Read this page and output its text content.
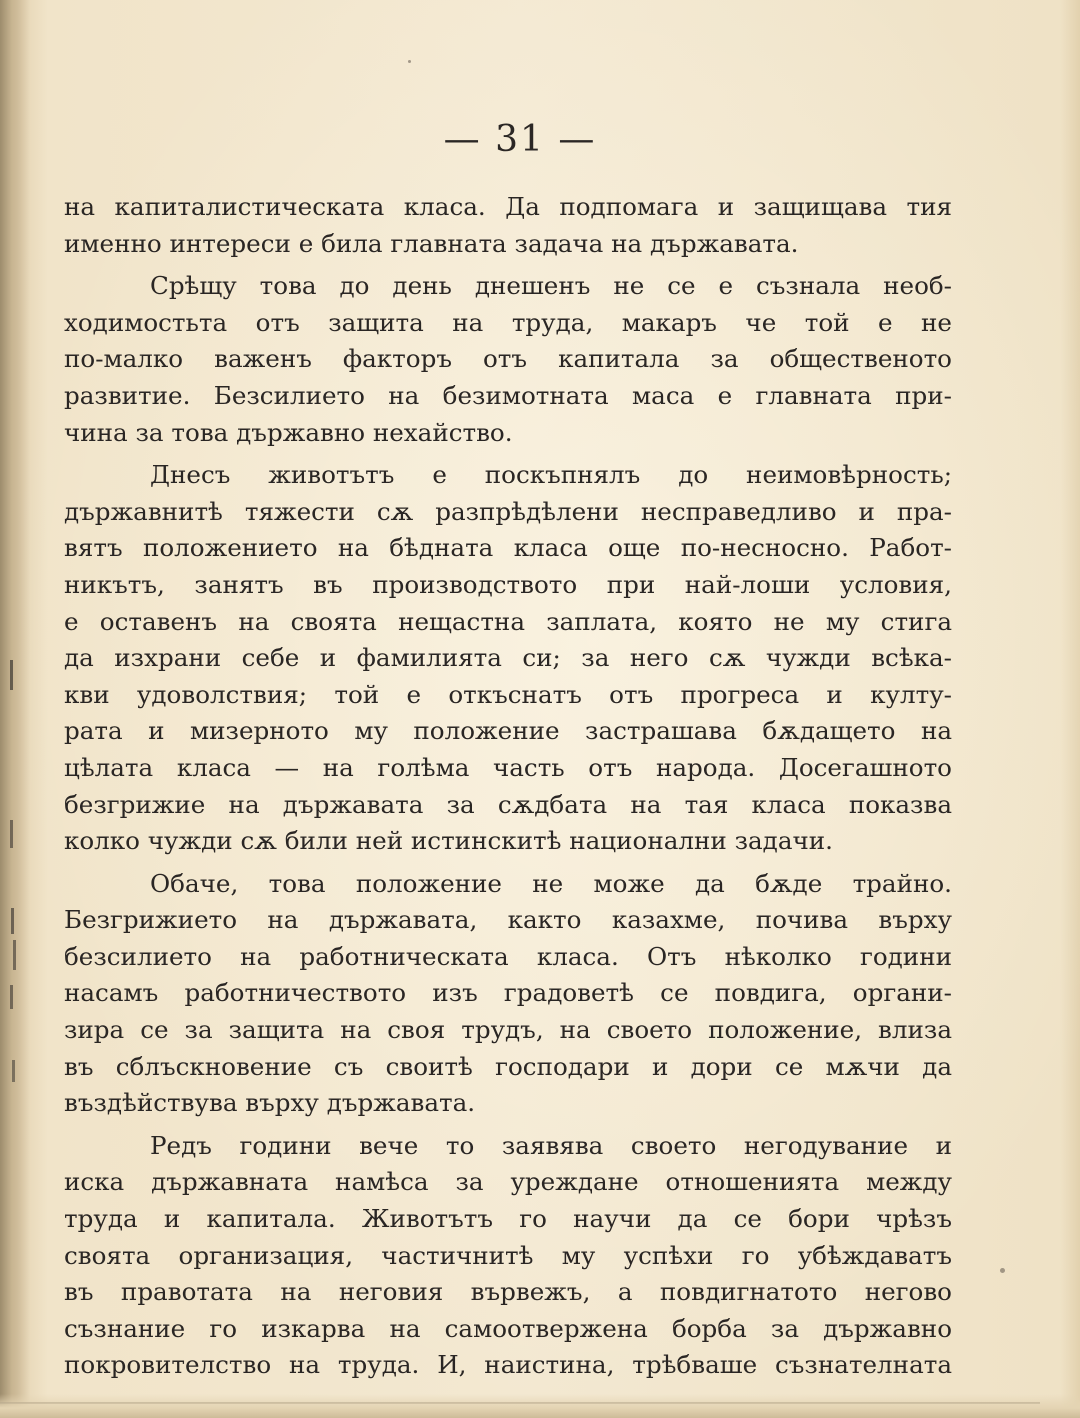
— 31 —
на капиталистическата класа. Да подпомага и защищава тия
именно интереси е била главната задача на държавата.
Срѣщу това до день днешенъ не се е съзнала необ-
ходимостьта отъ защита на труда, макаръ че той е не
по-малко важенъ факторъ отъ капитала за общественото
развитие. Безсилието на безимотната маса е главната при-
чина за това държавно нехайство.
Днесъ животътъ е поскъпнялъ до неимовѣрность;
държавнитѣ тяжести сѫ разпрѣдѣлени несправедливо и пра-
вятъ положението на бѣдната класа още по-несносно. Работ-
никътъ, занятъ въ производството при най-лоши условия,
е оставенъ на своята нещастна заплата, която не му стига
да изхрани себе и фамилията си; за него сѫ чужди всѣка-
кви удоволствия; той е откъснатъ отъ прогреса и култу-
рата и мизерното му положение застрашава бѫдащето на
цѣлата класа — на голѣма часть отъ народа. Досегашното
безгрижие на държавата за сѫдбата на тая класа показва
колко чужди сѫ били ней истинскитѣ национални задачи.
Обаче, това положение не може да бѫде трайно.
Безгрижието на държавата, както казахме, почива върху
безсилието на работническата класа. Отъ нѣколко години
насамъ работничеството изъ градоветѣ се повдига, органи-
зира се за защита на своя трудъ, на своето положение, влиза
въ сблъскновение съ своитѣ господари и дори се мѫчи да
въздѣйствува върху държавата.
Редъ години вече то заявява своето негодувание и
иска държавната намѣса за уреждане отношенията между
труда и капитала. Животътъ го научи да се бори чрѣзъ
своята организация, частичнитѣ му успѣхи го убѣждаватъ
въ правотата на неговия вървежъ, а повдигнатото негово
съзнание го изкарва на самоотвержена борба за държавно
покровителство на труда. И, наистина, трѣбваше съзнателната
